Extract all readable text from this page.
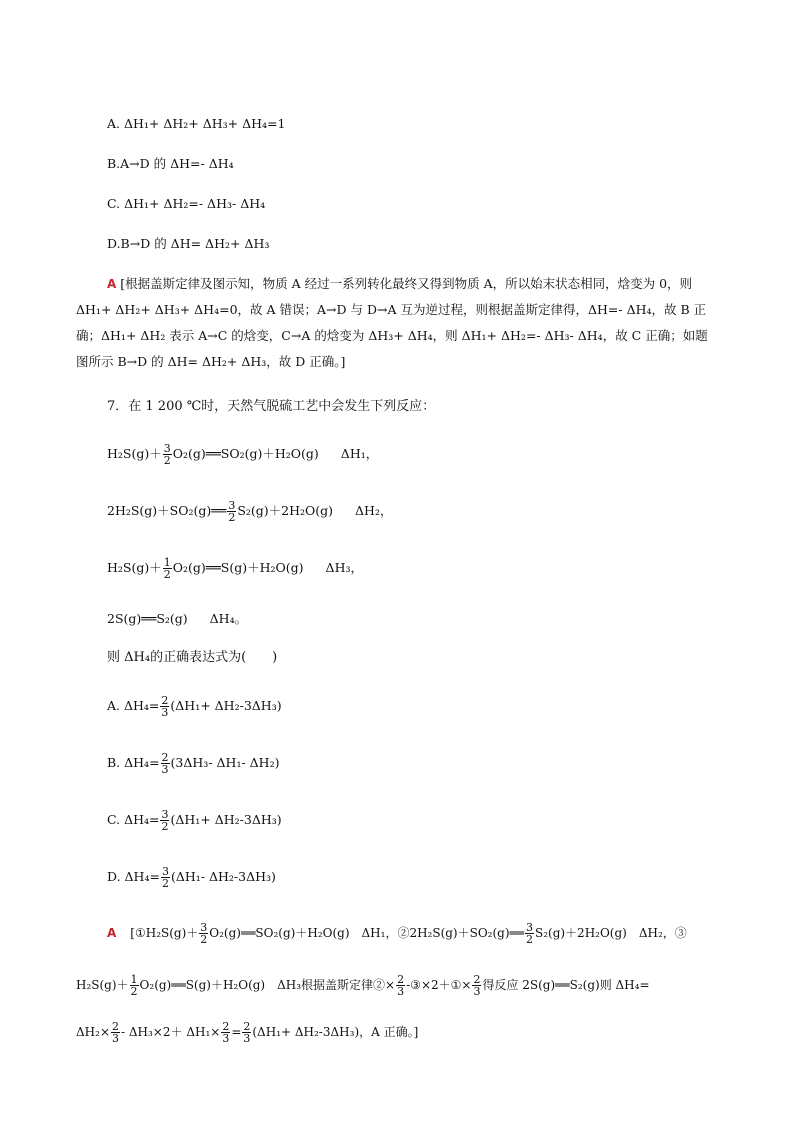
A. ΔH₁+ ΔH₂+ ΔH₃+ ΔH₄=1
B.A→D 的 ΔH=- ΔH₄
C. ΔH₁+ ΔH₂=- ΔH₃- ΔH₄
D.B→D 的 ΔH= ΔH₂+ ΔH₃
A [根据盖斯定律及图示知，物质 A 经过一系列转化最终又得到物质 A，所以始末状态相同，焓变为 0，则 ΔH₁+ ΔH₂+ ΔH₃+ ΔH₄=0，故 A 错误；A→D 与 D→A 互为逆过程，则根据盖斯定律得，ΔH=- ΔH₄，故 B 正确；ΔH₁+ ΔH₂ 表示 A→C 的焓变，C→A 的焓变为 ΔH₃+ ΔH₄，则 ΔH₁+ ΔH₂=- ΔH₃- ΔH₄，故 C 正确；如题图所示 B→D 的 ΔH= ΔH₂+ ΔH₃，故 D 正确。]
7．在 1 200 ℃时，天然气脱硫工艺中会发生下列反应：
$H_2S(g)+ \frac{3}{2}$ O₂(g)══SO₂(g)＋H₂O(g) ΔH₁，
2H₂S(g)＋SO₂(g)══ $\frac{3}{2} S_2(g)+2H_2O(g)$ ΔH₂，
$H_2S(g)+ \frac{1}{2}$ O₂(g)══S(g)＋H₂O(g) ΔH₃，
2S(g)══S₂(g) ΔH₄。
则 ΔH₄的正确表达式为(　　)
A. $\Delta H_4= \frac{2}{3} (\Delta H_1+ \Delta H_2-3\Delta H_3)$
B. $\Delta H_4= \frac{2}{3} (3\Delta H_3-$ ΔH₁- ΔH₂)
C. $\Delta H_4= \frac{3}{2} (\Delta H_1+ \Delta H_2-3\Delta H_3)$
D. $\Delta H_4= \frac{3}{2} (\Delta H_1-$ ΔH₂-3ΔH₃)
A [①H₂S(g)＋ $\frac{3}{2}$ O₂(g)══SO₂(g)＋H₂O(g)　ΔH₁，②2H₂S(g)＋SO₂(g)══ $\frac{3}{2} S_2(g)+2H_2O(g)$　ΔH₂，③
$H_2S(g)+ \frac{1}{2}$ O₂(g)══S(g)＋H₂O(g)　ΔH₃根据盖斯定律②× $\frac{2}{3}$ -③×2＋①× $\frac{2}{3}$ 得反应 2S(g)══S₂(g)则 ΔH₄=
$\Delta H_2\times \frac{2}{3} - \Delta H_3\times 2+ \Delta H_1\times \frac{2}{3} = \frac{2}{3} (\Delta H_1+ \Delta H_2-3\Delta H_3)$，A 正确。]
